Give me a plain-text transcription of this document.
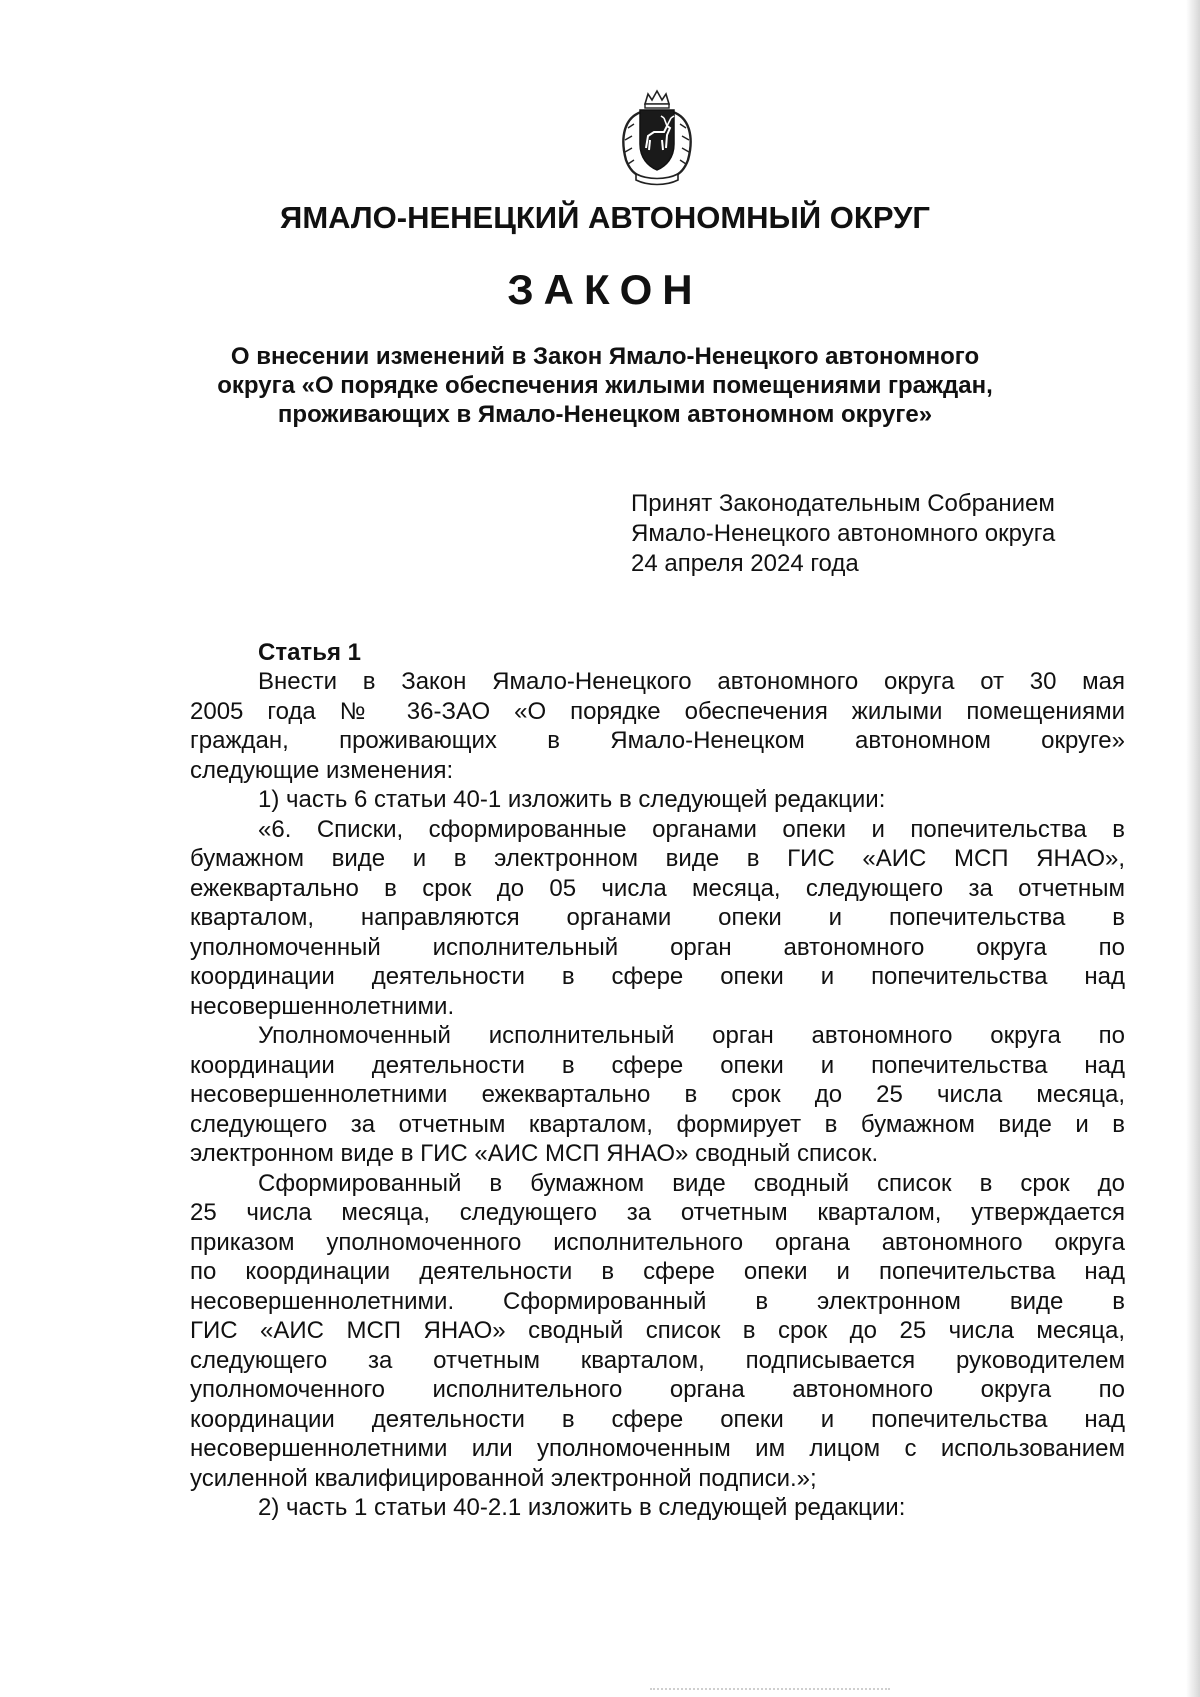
ЯМАЛО-НЕНЕЦКИЙ АВТОНОМНЫЙ ОКРУГ
ЗАКОН
О внесении изменений в Закон Ямало-Ненецкого автономного
округа «О порядке обеспечения жилыми помещениями граждан,
проживающих в Ямало-Ненецком автономном округе»
Принят Законодательным Собранием
Ямало-Ненецкого автономного округа
24 апреля 2024 года
Статья 1
Внести в Закон Ямало-Ненецкого автономного округа от 30 мая
2005 года № 36-ЗАО «О порядке обеспечения жилыми помещениями
граждан, проживающих в Ямало-Ненецком автономном округе»
следующие изменения:
1) часть 6 статьи 40-1 изложить в следующей редакции:
«6. Списки, сформированные органами опеки и попечительства в
бумажном виде и в электронном виде в ГИС «АИС МСП ЯНАО»,
ежеквартально в срок до 05 числа месяца, следующего за отчетным
кварталом, направляются органами опеки и попечительства в
уполномоченный исполнительный орган автономного округа по
координации деятельности в сфере опеки и попечительства над
несовершеннолетними.
Уполномоченный исполнительный орган автономного округа по
координации деятельности в сфере опеки и попечительства над
несовершеннолетними ежеквартально в срок до 25 числа месяца,
следующего за отчетным кварталом, формирует в бумажном виде и в
электронном виде в ГИС «АИС МСП ЯНАО» сводный список.
Сформированный в бумажном виде сводный список в срок до
25 числа месяца, следующего за отчетным кварталом, утверждается
приказом уполномоченного исполнительного органа автономного округа
по координации деятельности в сфере опеки и попечительства над
несовершеннолетними. Сформированный в электронном виде в
ГИС «АИС МСП ЯНАО» сводный список в срок до 25 числа месяца,
следующего за отчетным кварталом, подписывается руководителем
уполномоченного исполнительного органа автономного округа по
координации деятельности в сфере опеки и попечительства над
несовершеннолетними или уполномоченным им лицом с использованием
усиленной квалифицированной электронной подписи.»;
2) часть 1 статьи 40-2.1 изложить в следующей редакции:
